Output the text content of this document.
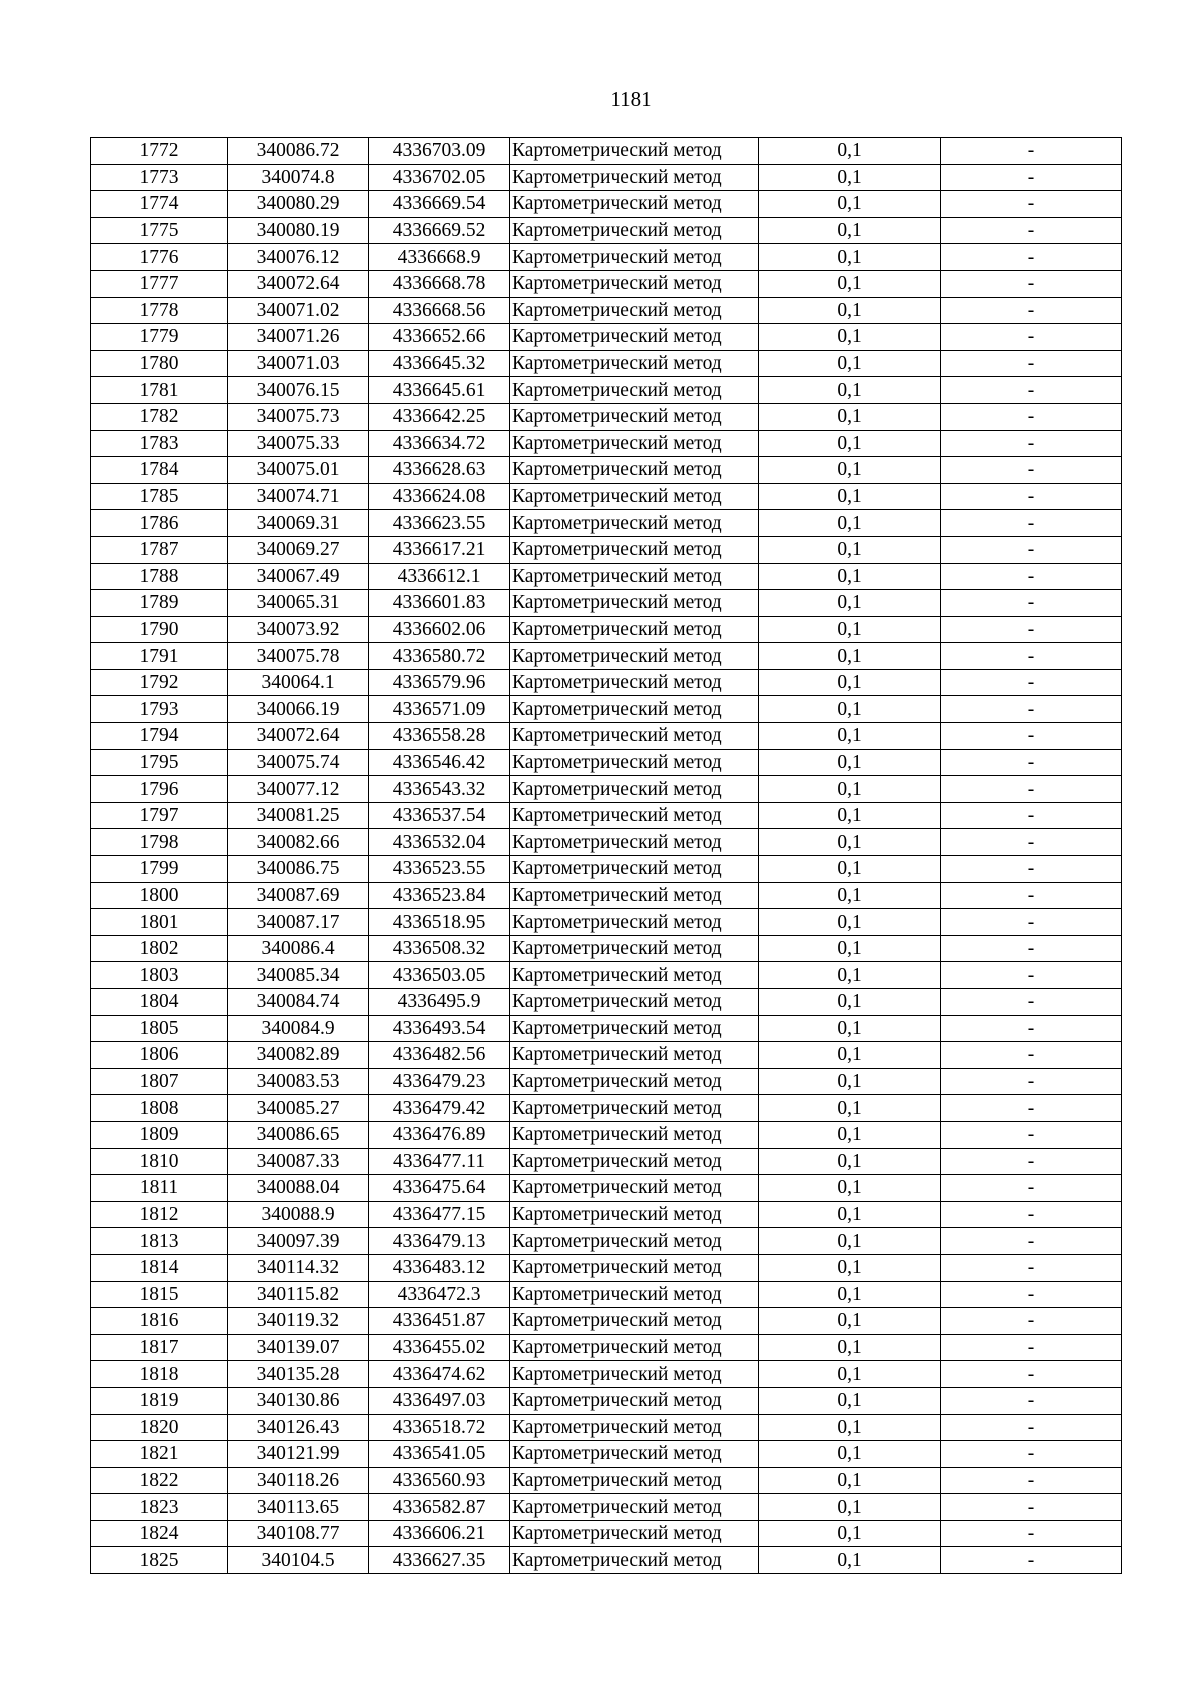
1181
1772	340086.72	4336703.09	Картометрический метод	0,1	-
1773	340074.8	4336702.05	Картометрический метод	0,1	-
1774	340080.29	4336669.54	Картометрический метод	0,1	-
1775	340080.19	4336669.52	Картометрический метод	0,1	-
1776	340076.12	4336668.9	Картометрический метод	0,1	-
1777	340072.64	4336668.78	Картометрический метод	0,1	-
1778	340071.02	4336668.56	Картометрический метод	0,1	-
1779	340071.26	4336652.66	Картометрический метод	0,1	-
1780	340071.03	4336645.32	Картометрический метод	0,1	-
1781	340076.15	4336645.61	Картометрический метод	0,1	-
1782	340075.73	4336642.25	Картометрический метод	0,1	-
1783	340075.33	4336634.72	Картометрический метод	0,1	-
1784	340075.01	4336628.63	Картометрический метод	0,1	-
1785	340074.71	4336624.08	Картометрический метод	0,1	-
1786	340069.31	4336623.55	Картометрический метод	0,1	-
1787	340069.27	4336617.21	Картометрический метод	0,1	-
1788	340067.49	4336612.1	Картометрический метод	0,1	-
1789	340065.31	4336601.83	Картометрический метод	0,1	-
1790	340073.92	4336602.06	Картометрический метод	0,1	-
1791	340075.78	4336580.72	Картометрический метод	0,1	-
1792	340064.1	4336579.96	Картометрический метод	0,1	-
1793	340066.19	4336571.09	Картометрический метод	0,1	-
1794	340072.64	4336558.28	Картометрический метод	0,1	-
1795	340075.74	4336546.42	Картометрический метод	0,1	-
1796	340077.12	4336543.32	Картометрический метод	0,1	-
1797	340081.25	4336537.54	Картометрический метод	0,1	-
1798	340082.66	4336532.04	Картометрический метод	0,1	-
1799	340086.75	4336523.55	Картометрический метод	0,1	-
1800	340087.69	4336523.84	Картометрический метод	0,1	-
1801	340087.17	4336518.95	Картометрический метод	0,1	-
1802	340086.4	4336508.32	Картометрический метод	0,1	-
1803	340085.34	4336503.05	Картометрический метод	0,1	-
1804	340084.74	4336495.9	Картометрический метод	0,1	-
1805	340084.9	4336493.54	Картометрический метод	0,1	-
1806	340082.89	4336482.56	Картометрический метод	0,1	-
1807	340083.53	4336479.23	Картометрический метод	0,1	-
1808	340085.27	4336479.42	Картометрический метод	0,1	-
1809	340086.65	4336476.89	Картометрический метод	0,1	-
1810	340087.33	4336477.11	Картометрический метод	0,1	-
1811	340088.04	4336475.64	Картометрический метод	0,1	-
1812	340088.9	4336477.15	Картометрический метод	0,1	-
1813	340097.39	4336479.13	Картометрический метод	0,1	-
1814	340114.32	4336483.12	Картометрический метод	0,1	-
1815	340115.82	4336472.3	Картометрический метод	0,1	-
1816	340119.32	4336451.87	Картометрический метод	0,1	-
1817	340139.07	4336455.02	Картометрический метод	0,1	-
1818	340135.28	4336474.62	Картометрический метод	0,1	-
1819	340130.86	4336497.03	Картометрический метод	0,1	-
1820	340126.43	4336518.72	Картометрический метод	0,1	-
1821	340121.99	4336541.05	Картометрический метод	0,1	-
1822	340118.26	4336560.93	Картометрический метод	0,1	-
1823	340113.65	4336582.87	Картометрический метод	0,1	-
1824	340108.77	4336606.21	Картометрический метод	0,1	-
1825	340104.5	4336627.35	Картометрический метод	0,1	-
